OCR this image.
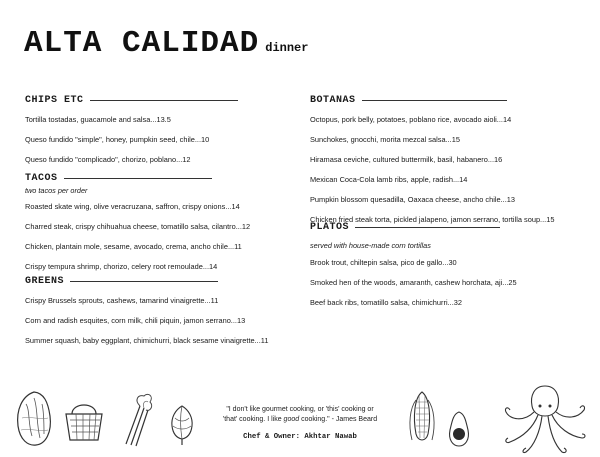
ALTA CALIDAD dinner
CHIPS ETC
Tortilla tostadas, guacamole and salsa...13.5
Queso fundido "simple", honey, pumpkin seed, chile...10
Queso fundido "complicado", chorizo, poblano...12
TACOS
two tacos per order
Roasted skate wing, olive veracruzana, saffron, crispy onions...14
Charred steak, crispy chihuahua cheese, tomatillo salsa, cilantro...12
Chicken, plantain mole, sesame, avocado, crema, ancho chile...11
Crispy tempura shrimp, chorizo, celery root remoulade...14
GREENS
Crispy Brussels sprouts, cashews, tamarind vinaigrette...11
Corn and radish esquites, corn milk, chili piquin, jamon serrano...13
Summer squash, baby eggplant, chimichurri, black sesame vinaigrette...11
BOTANAS
Octopus, pork belly, potatoes, poblano rice, avocado aioli...14
Sunchokes, gnocchi, morita mezcal salsa...15
Hiramasa ceviche, cultured buttermilk, basil, habanero...16
Mexican Coca-Cola lamb ribs, apple, radish...14
Pumpkin blossom quesadilla, Oaxaca cheese, ancho chile...13
Chicken fried steak torta, pickled jalapeno, jamon serrano, tortilla soup...15
PLATOS
served with house-made corn tortillas
Brook trout, chiltepin salsa, pico de gallo...30
Smoked hen of the woods, amaranth, cashew horchata, aji...25
Beef back ribs, tomatillo salsa, chimichurri...32
"I don't like gourmet cooking, or 'this' cooking or
'that' cooking. I like good cooking." - James Beard
Chef & Owner: Akhtar Nawab
